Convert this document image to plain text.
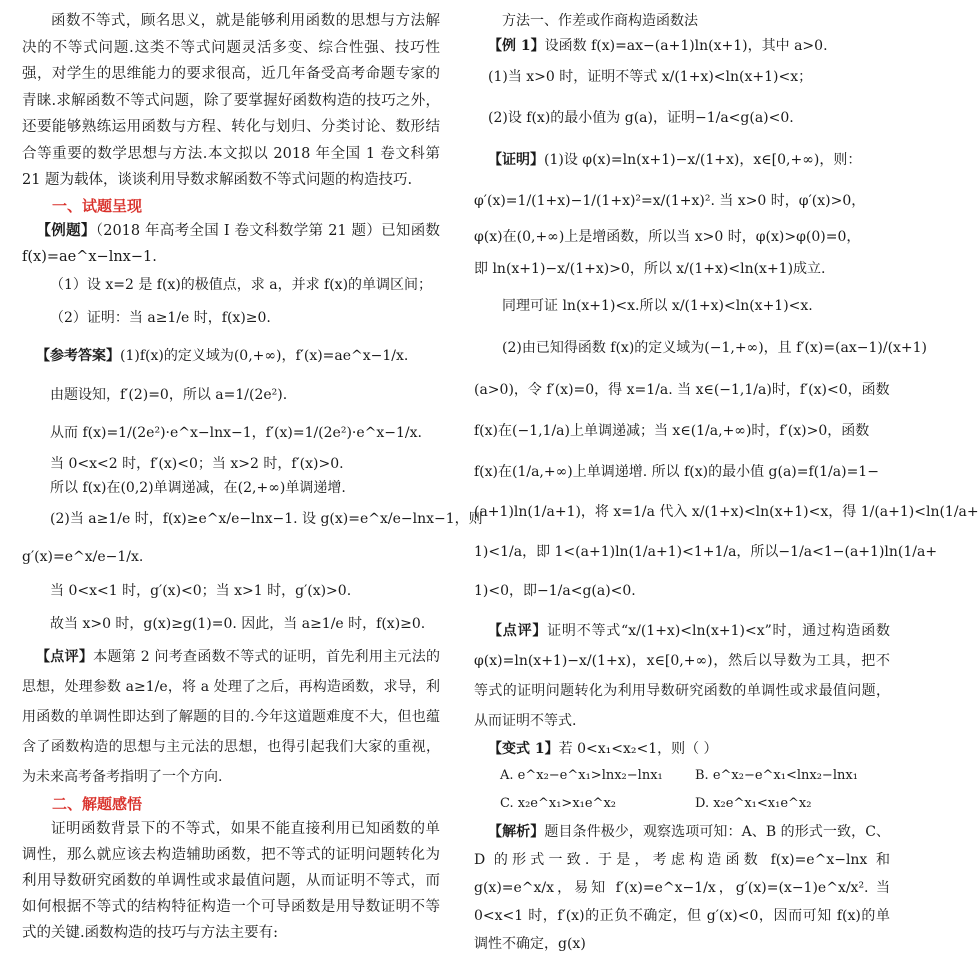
函数不等式，顾名思义，就是能够利用函数的思想与方法解决的不等式问题.这类不等式问题灵活多变、综合性强、技巧性强，对学生的思维能力的要求很高，近几年备受高考命题专家的青睐.求解函数不等式问题，除了要掌握好函数构造的技巧之外，还要能够熟练运用函数与方程、转化与划归、分类讨论、数形结合等重要的数学思想与方法.本文拟以 2018 年全国 1 卷文科第 21 题为载体，谈谈利用导数求解函数不等式问题的构造技巧.

一、试题呈现

【例题】（2018 年高考全国 I 卷文科数学第 21 题）已知函数 f(x)=ae^x−lnx−1.

（1）设 x=2 是 f(x)的极值点，求 a，并求 f(x)的单调区间；

（2）证明：当 a≥1/e 时，f(x)≥0.

【参考答案】(1)f(x)的定义域为(0,+∞)，f′(x)=ae^x−1/x.

由题设知，f′(2)=0，所以 a=1/(2e²).

从而 f(x)=1/(2e²)·e^x−lnx−1，f′(x)=1/(2e²)·e^x−1/x.

当 0<x<2 时，f′(x)<0；当 x>2 时，f′(x)>0.

所以 f(x)在(0,2)单调递减，在(2,+∞)单调递增.

(2)当 a≥1/e 时，f(x)≥e^x/e−lnx−1. 设 g(x)=e^x/e−lnx−1，则

g′(x)=e^x/e−1/x.

当 0<x<1 时，g′(x)<0；当 x>1 时，g′(x)>0.

故当 x>0 时，g(x)≥g(1)=0. 因此，当 a≥1/e 时，f(x)≥0.

【点评】本题第 2 问考查函数不等式的证明，首先利用主元法的思想，处理参数 a≥1/e，将 a 处理了之后，再构造函数，求导，利用函数的单调性即达到了解题的目的.今年这道题难度不大，但也蕴含了函数构造的思想与主元法的思想，也得引起我们大家的重视，为未来高考备考指明了一个方向.

二、解题感悟

证明函数背景下的不等式，如果不能直接利用已知函数的单调性，那么就应该去构造辅助函数，把不等式的证明问题转化为利用导数研究函数的单调性或求最值问题，从而证明不等式，而如何根据不等式的结构特征构造一个可导函数是用导数证明不等式的关键.函数构造的技巧与方法主要有:

方法一、作差或作商构造函数法

【例 1】设函数 f(x)=ax−(a+1)ln(x+1)，其中 a>0.

(1)当 x>0 时，证明不等式 x/(1+x)<ln(x+1)<x；

(2)设 f(x)的最小值为 g(a)，证明−1/a<g(a)<0.

【证明】(1)设 φ(x)=ln(x+1)−x/(1+x)，x∈[0,+∞)，则：

φ′(x)=1/(1+x)−1/(1+x)²=x/(1+x)². 当 x>0 时，φ′(x)>0，

φ(x)在(0,+∞)上是增函数，所以当 x>0 时，φ(x)>φ(0)=0，

即 ln(x+1)−x/(1+x)>0，所以 x/(1+x)<ln(x+1)成立.

同理可证 ln(x+1)<x.所以 x/(1+x)<ln(x+1)<x.

(2)由已知得函数 f(x)的定义域为(−1,+∞)，且 f′(x)=(ax−1)/(x+1)

(a>0)，令 f′(x)=0，得 x=1/a. 当 x∈(−1,1/a)时，f′(x)<0，函数

f(x)在(−1,1/a)上单调递减；当 x∈(1/a,+∞)时，f′(x)>0，函数

f(x)在(1/a,+∞)上单调递增. 所以 f(x)的最小值 g(a)=f(1/a)=1−

(a+1)ln(1/a+1)，将 x=1/a 代入 x/(1+x)<ln(x+1)<x，得 1/(a+1)<ln(1/a+

1)<1/a，即 1<(a+1)ln(1/a+1)<1+1/a，所以−1/a<1−(a+1)ln(1/a+

1)<0，即−1/a<g(a)<0.

【点评】证明不等式“x/(1+x)<ln(x+1)<x”时，通过构造函数 φ(x)=ln(x+1)−x/(1+x)，x∈[0,+∞)，然后以导数为工具，把不等式的证明问题转化为利用导数研究函数的单调性或求最值问题，从而证明不等式.

【变式 1】若 0<x₁<x₂<1，则（ ）

A. e^x₂−e^x₁>lnx₂−lnx₁	B. e^x₂−e^x₁<lnx₂−lnx₁
C. x₂e^x₁>x₁e^x₂	D. x₂e^x₁<x₁e^x₂

【解析】题目条件极少，观察选项可知：A、B 的形式一致，C、D 的形式一致. 于是，考虑构造函数 f(x)=e^x−lnx 和 g(x)=e^x/x，易知 f′(x)=e^x−1/x，g′(x)=(x−1)e^x/x². 当 0<x<1 时，f′(x)的正负不确定，但 g′(x)<0，因而可知 f(x)的单调性不确定，g(x)
